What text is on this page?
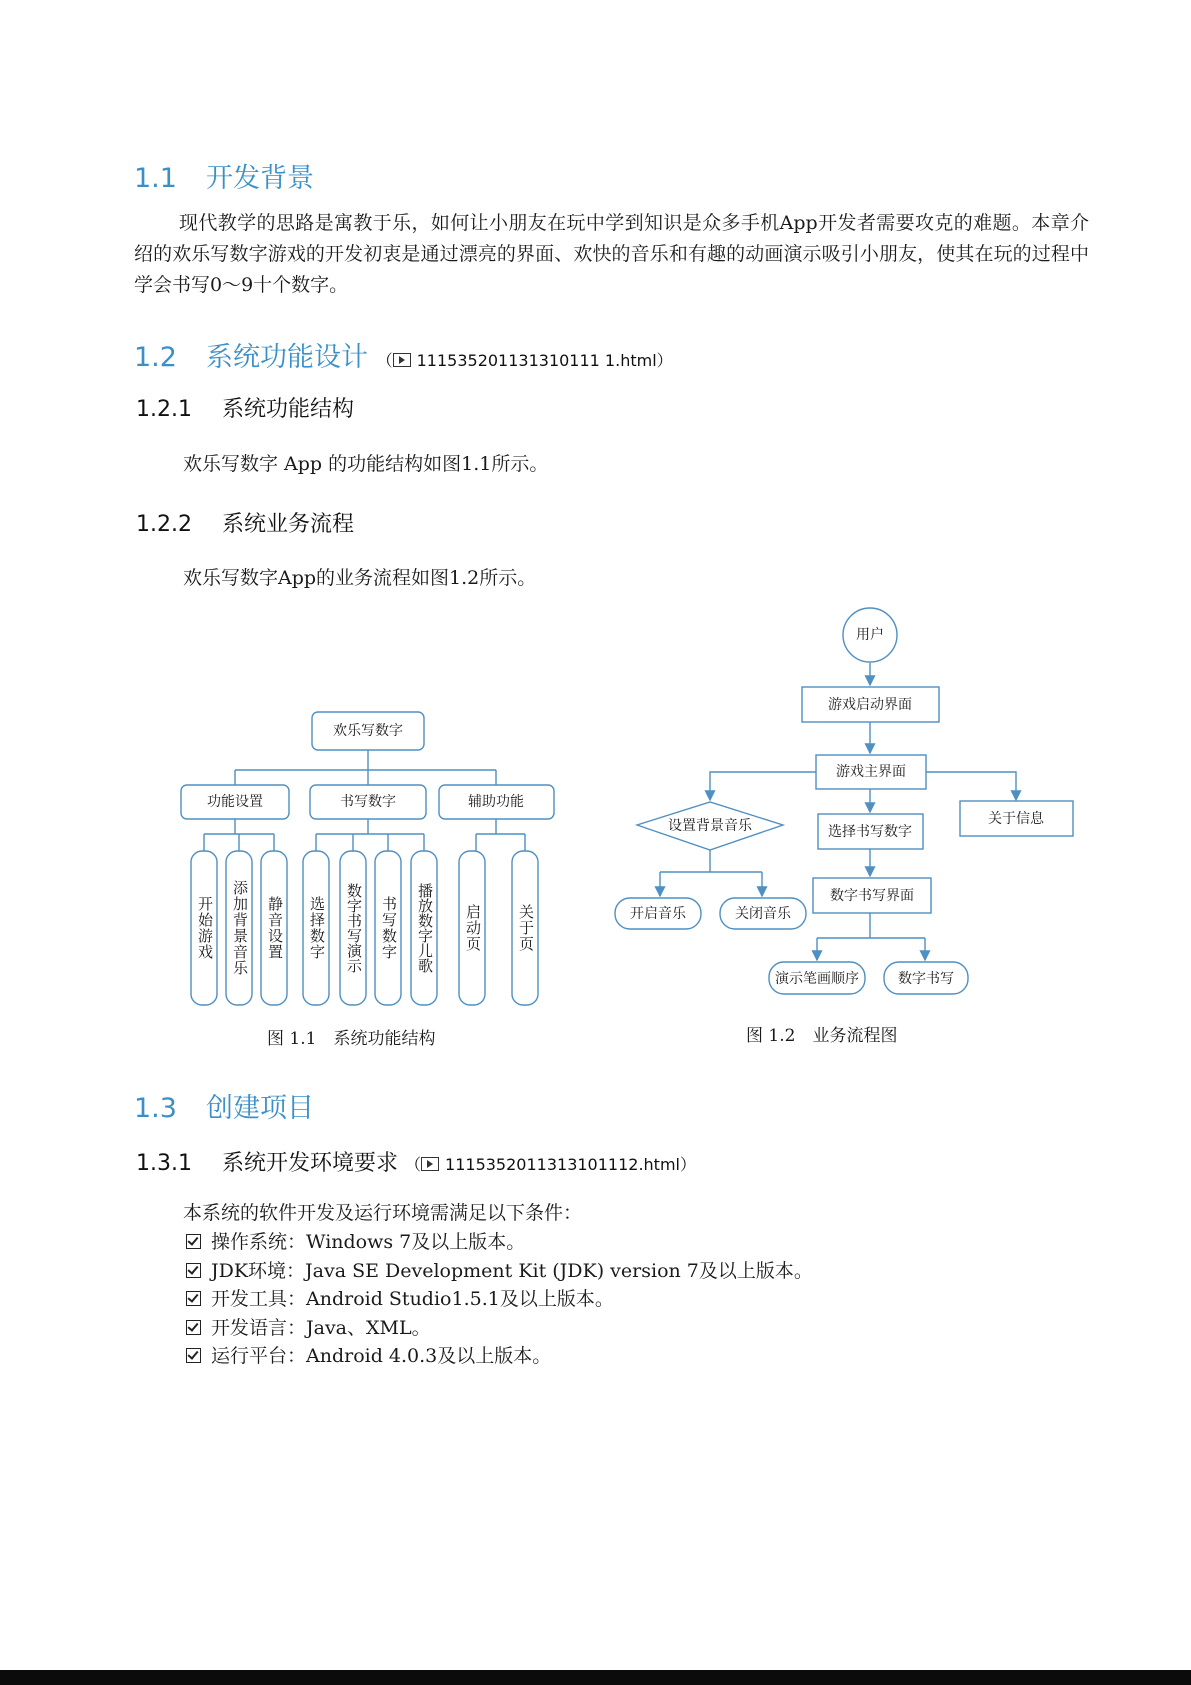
1.1 开发背景
现代教学的思路是寓教于乐，如何让小朋友在玩中学到知识是众多手机App开发者需要攻克的难题。本章介绍的欢乐写数字游戏的开发初衷是通过漂亮的界面、欢快的音乐和有趣的动画演示吸引小朋友，使其在玩的过程中学会书写0～9十个数字。
1.2 系统功能设计 （ 111535201131310111 1.html）
1.2.1 系统功能结构
欢乐写数字 App 的功能结构如图1.1所示。
1.2.2 系统业务流程
欢乐写数字App的业务流程如图1.2所示。
欢乐写数字
功能设置	书写数字	辅助功能
开始游戏 添加背景音乐 静音设置 选择数字 数字书写演示 书写数字 播放数字儿歌 启动页 关于页
用户
游戏启动界面
游戏主界面
关于信息
设置背景音乐	选择书写数字
开启音乐	关闭音乐
数字书写界面
演示笔画顺序	数字书写
图 1.1　系统功能结构	图 1.2　业务流程图
1.3 创建项目
1.3.1 系统开发环境要求 （ 1115352011313101112.html）
本系统的软件开发及运行环境需满足以下条件：
操作系统：Windows 7及以上版本。
JDK环境：Java SE Development Kit (JDK) version 7及以上版本。
开发工具：Android Studio1.5.1及以上版本。
开发语言：Java、XML。
运行平台：Android 4.0.3及以上版本。
